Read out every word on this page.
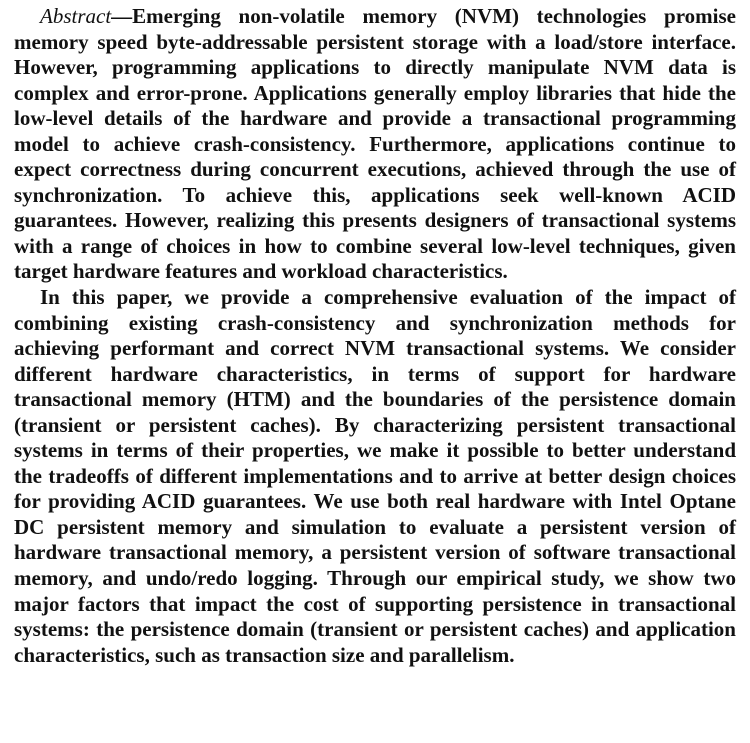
Abstract—Emerging non-volatile memory (NVM) technologies promise memory speed byte-addressable persistent storage with a load/store interface. However, programming applications to directly manipulate NVM data is complex and error-prone. Applications generally employ libraries that hide the low-level details of the hardware and provide a transactional programming model to achieve crash-consistency. Furthermore, applications continue to expect correctness during concurrent executions, achieved through the use of synchronization. To achieve this, applications seek well-known ACID guarantees. However, realizing this presents designers of transactional systems with a range of choices in how to combine several low-level techniques, given target hardware features and workload characteristics.

In this paper, we provide a comprehensive evaluation of the impact of combining existing crash-consistency and synchronization methods for achieving performant and correct NVM transactional systems. We consider different hardware characteristics, in terms of support for hardware transactional memory (HTM) and the boundaries of the persistence domain (transient or persistent caches). By characterizing persistent transactional systems in terms of their properties, we make it possible to better understand the tradeoffs of different implementations and to arrive at better design choices for providing ACID guarantees. We use both real hardware with Intel Optane DC persistent memory and simulation to evaluate a persistent version of hardware transactional memory, a persistent version of software transactional memory, and undo/redo logging. Through our empirical study, we show two major factors that impact the cost of supporting persistence in transactional systems: the persistence domain (transient or persistent caches) and application characteristics, such as transaction size and parallelism.
